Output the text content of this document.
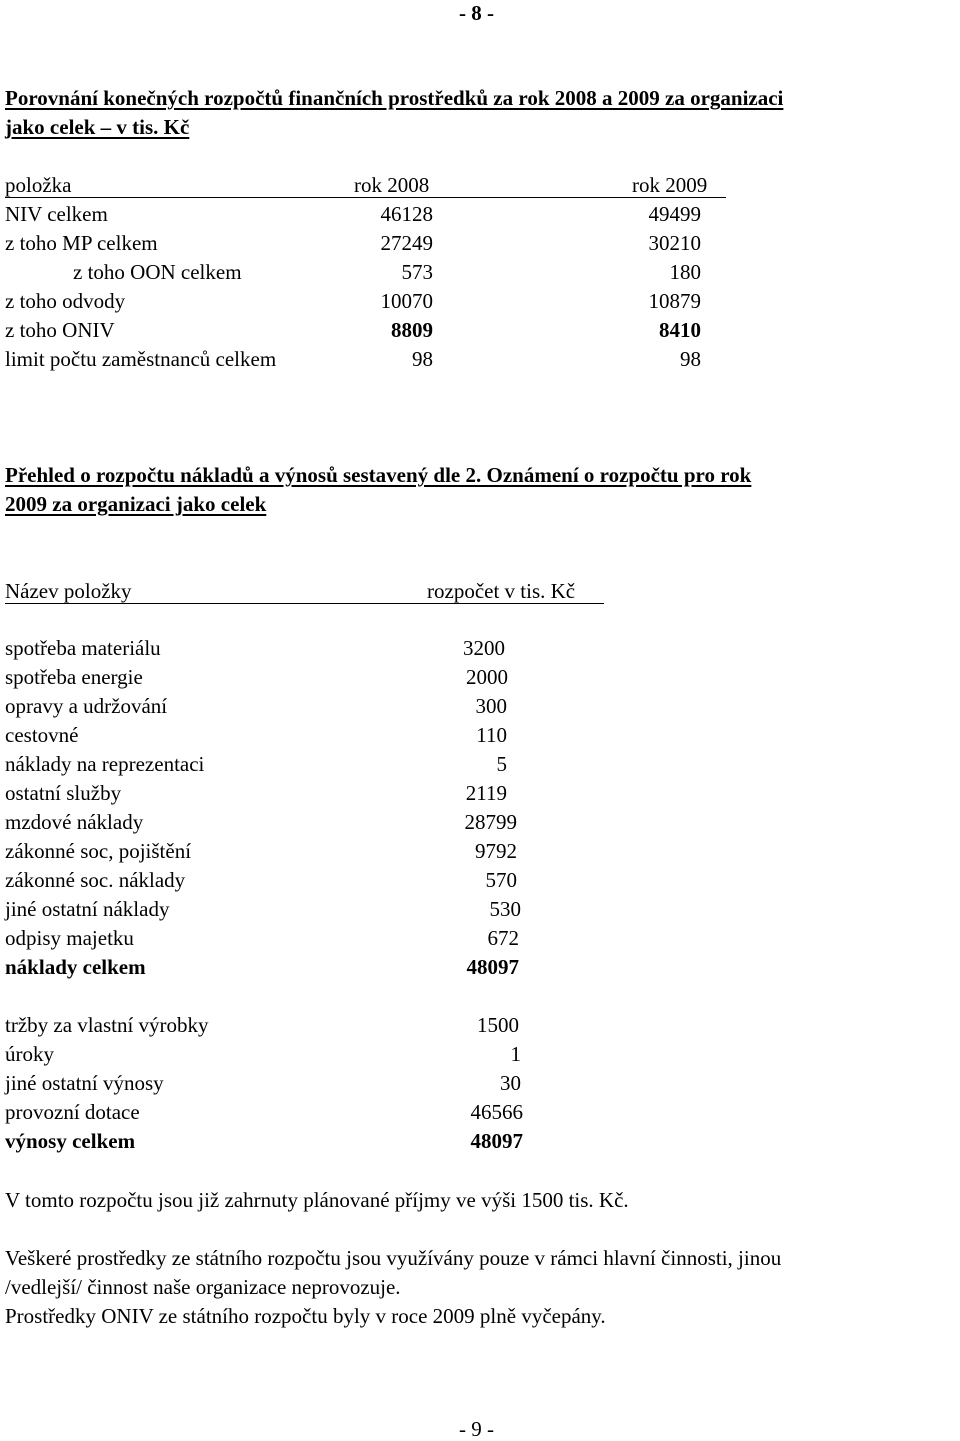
- 8 -
Porovnání konečných rozpočtů finančních prostředků za rok 2008 a 2009 za organizaci
jako celek – v tis. Kč
položka	rok 2008	rok 2009
NIV celkem	46128	49499
z toho MP celkem	27249	30210
z toho OON celkem	573	180
z toho odvody	10070	10879
z toho ONIV	8809	8410
limit počtu zaměstnanců celkem	98	98
Přehled o rozpočtu nákladů a výnosů sestavený dle 2. Oznámení o rozpočtu pro rok
2009 za organizaci jako celek
Název položky	rozpočet v tis. Kč
spotřeba materiálu	3200
spotřeba energie	2000
opravy a udržování	300
cestovné	110
náklady na reprezentaci	5
ostatní služby	2119
mzdové náklady	28799
zákonné soc, pojištění	9792
zákonné soc. náklady	570
jiné ostatní náklady	530
odpisy majetku	672
náklady celkem	48097
tržby za vlastní výrobky	1500
úroky	1
jiné ostatní výnosy	30
provozní dotace	46566
výnosy celkem	48097
V tomto rozpočtu jsou již zahrnuty plánované příjmy ve výši 1500 tis. Kč.
Veškeré prostředky ze státního rozpočtu jsou využívány pouze v rámci hlavní činnosti, jinou
/vedlejší/ činnost naše organizace neprovozuje.
Prostředky ONIV ze státního rozpočtu byly v roce 2009 plně vyčepány.
- 9 -
